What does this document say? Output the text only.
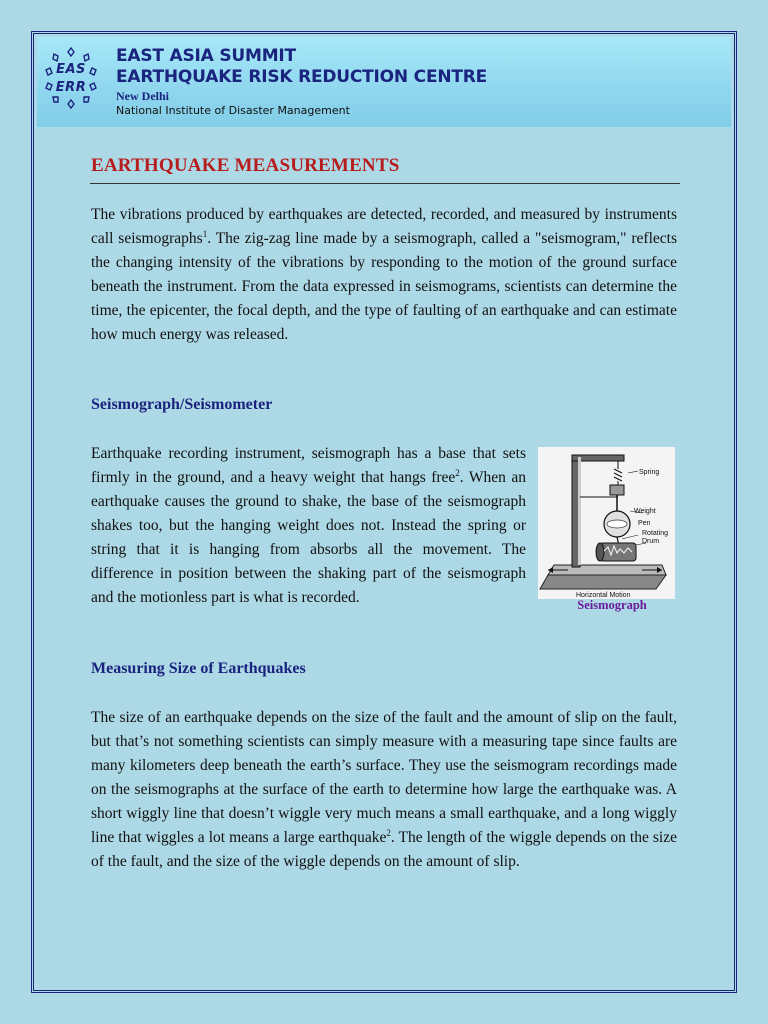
EAS
ERR
EAST ASIA SUMMIT
EARTHQUAKE RISK REDUCTION CENTRE
New Delhi
National Institute of Disaster Management
EARTHQUAKE MEASUREMENTS
The vibrations produced by earthquakes are detected, recorded, and measured by instruments call seismographs$^1$. The zig-zag line made by a seismograph, called a "seismogram," reflects the changing intensity of the vibrations by responding to the motion of the ground surface beneath the instrument. From the data expressed in seismograms, scientists can determine the time, the epicenter, the focal depth, and the type of faulting of an earthquake and can estimate how much energy was released.
Seismograph/Seismometer
Earthquake recording instrument, seismograph has a base that sets firmly in the ground, and a heavy weight that hangs free$^2$. When an earthquake causes the ground to shake, the base of the seismograph shakes too, but the hanging weight does not. Instead the spring or string that it is hanging from absorbs all the movement. The difference in position between the shaking part of the seismograph and the motionless part is what is recorded.
Spring
Weight
Pen
Rotating
Drum
Horizontal Motion
Seismograph
Measuring Size of Earthquakes
The size of an earthquake depends on the size of the fault and the amount of slip on the fault, but that’s not something scientists can simply measure with a measuring tape since faults are many kilometers deep beneath the earth’s surface. They use the seismogram recordings made on the seismographs at the surface of the earth to determine how large the earthquake was. A short wiggly line that doesn’t wiggle very much means a small earthquake, and a long wiggly line that wiggles a lot means a large earthquake$^2$. The length of the wiggle depends on the size of the fault, and the size of the wiggle depends on the amount of slip.
